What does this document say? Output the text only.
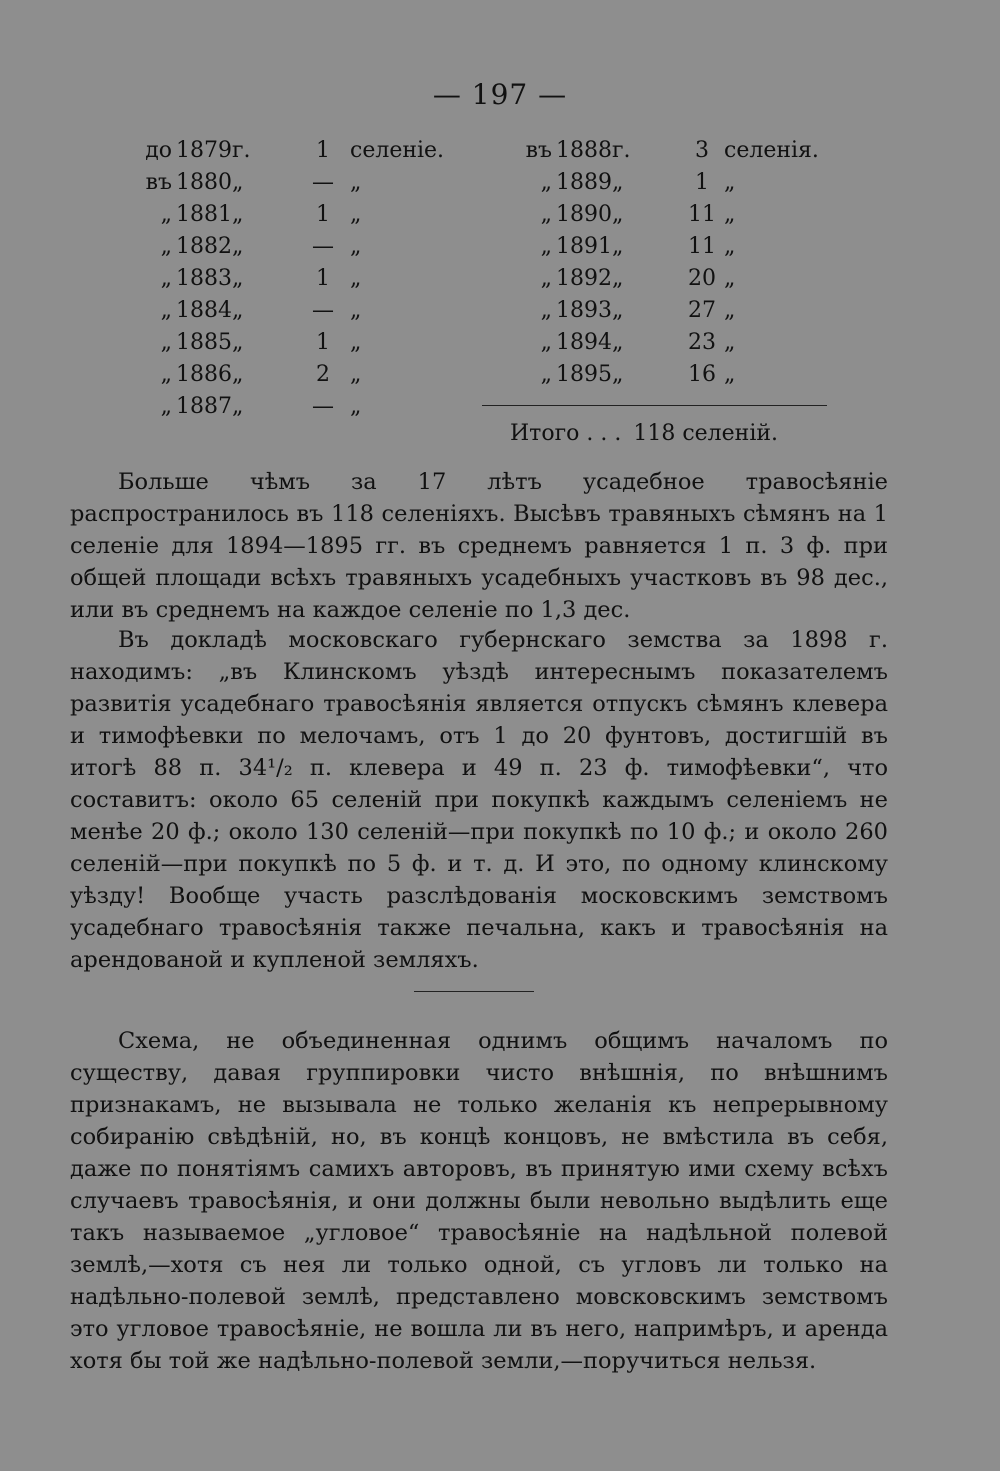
— 197 —
до 1879 г.	1 селеніе.
въ 1880 „	— „
„ 1881 „	1 „
„ 1882 „	— „
„ 1883 „	1 „
„ 1884 „	— „
„ 1885 „	1 „
„ 1886 „	2 „
„ 1887 „	— „
въ 1888 г.	3 селенія.
„ 1889 „	1 „
„ 1890 „	11 „
„ 1891 „	11 „
„ 1892 „	20 „
„ 1893 „	27 „
„ 1894 „	23 „
„ 1895 „	16 „
Итого . . . 118 селеній.

Больше чѣмъ за 17 лѣтъ усадебное травосѣяніе распространилось въ 118 селеніяхъ. Высѣвъ травяныхъ сѣмянъ на 1 селеніе для 1894—1895 гг. въ среднемъ равняется 1 п. 3 ф. при общей площади всѣхъ травяныхъ усадебныхъ участковъ въ 98 дес., или въ среднемъ на каждое селеніе по 1,3 дес.

Въ докладѣ московскаго губернскаго земства за 1898 г. находимъ: „въ Клинскомъ уѣздѣ интереснымъ показателемъ развитія усадебнаго травосѣянія является отпускъ сѣмянъ клевера и тимофѣевки по мелочамъ, отъ 1 до 20 фунтовъ, достигшій въ итогѣ 88 п. 34¹/₂ п. клевера и 49 п. 23 ф. тимофѣевки“, что составитъ: около 65 селеній при покупкѣ каждымъ селеніемъ не менѣе 20 ф.; около 130 селеній—при покупкѣ по 10 ф.; и около 260 селеній—при покупкѣ по 5 ф. и т. д. И это, по одному клинскому уѣзду! Вообще участь разслѣдованія московскимъ земствомъ усадебнаго травосѣянія также печальна, какъ и травосѣянія на арендованой и купленой земляхъ.

Схема, не объединенная однимъ общимъ началомъ по существу, давая группировки чисто внѣшнія, по внѣшнимъ признакамъ, не вызывала не только желанія къ непрерывному собиранію свѣдѣній, но, въ концѣ концовъ, не вмѣстила въ себя, даже по понятіямъ самихъ авторовъ, въ принятую ими схему всѣхъ случаевъ травосѣянія, и они должны были невольно выдѣлить еще такъ называемое „угловое“ травосѣяніе на надѣльной полевой землѣ,—хотя съ нея ли только одной, съ угловъ ли только на надѣльно-полевой землѣ, представлено мовсковскимъ земствомъ это угловое травосѣяніе, не вошла ли въ него, напримѣръ, и аренда хотя бы той же надѣльно-полевой земли,—поручиться нельзя.
